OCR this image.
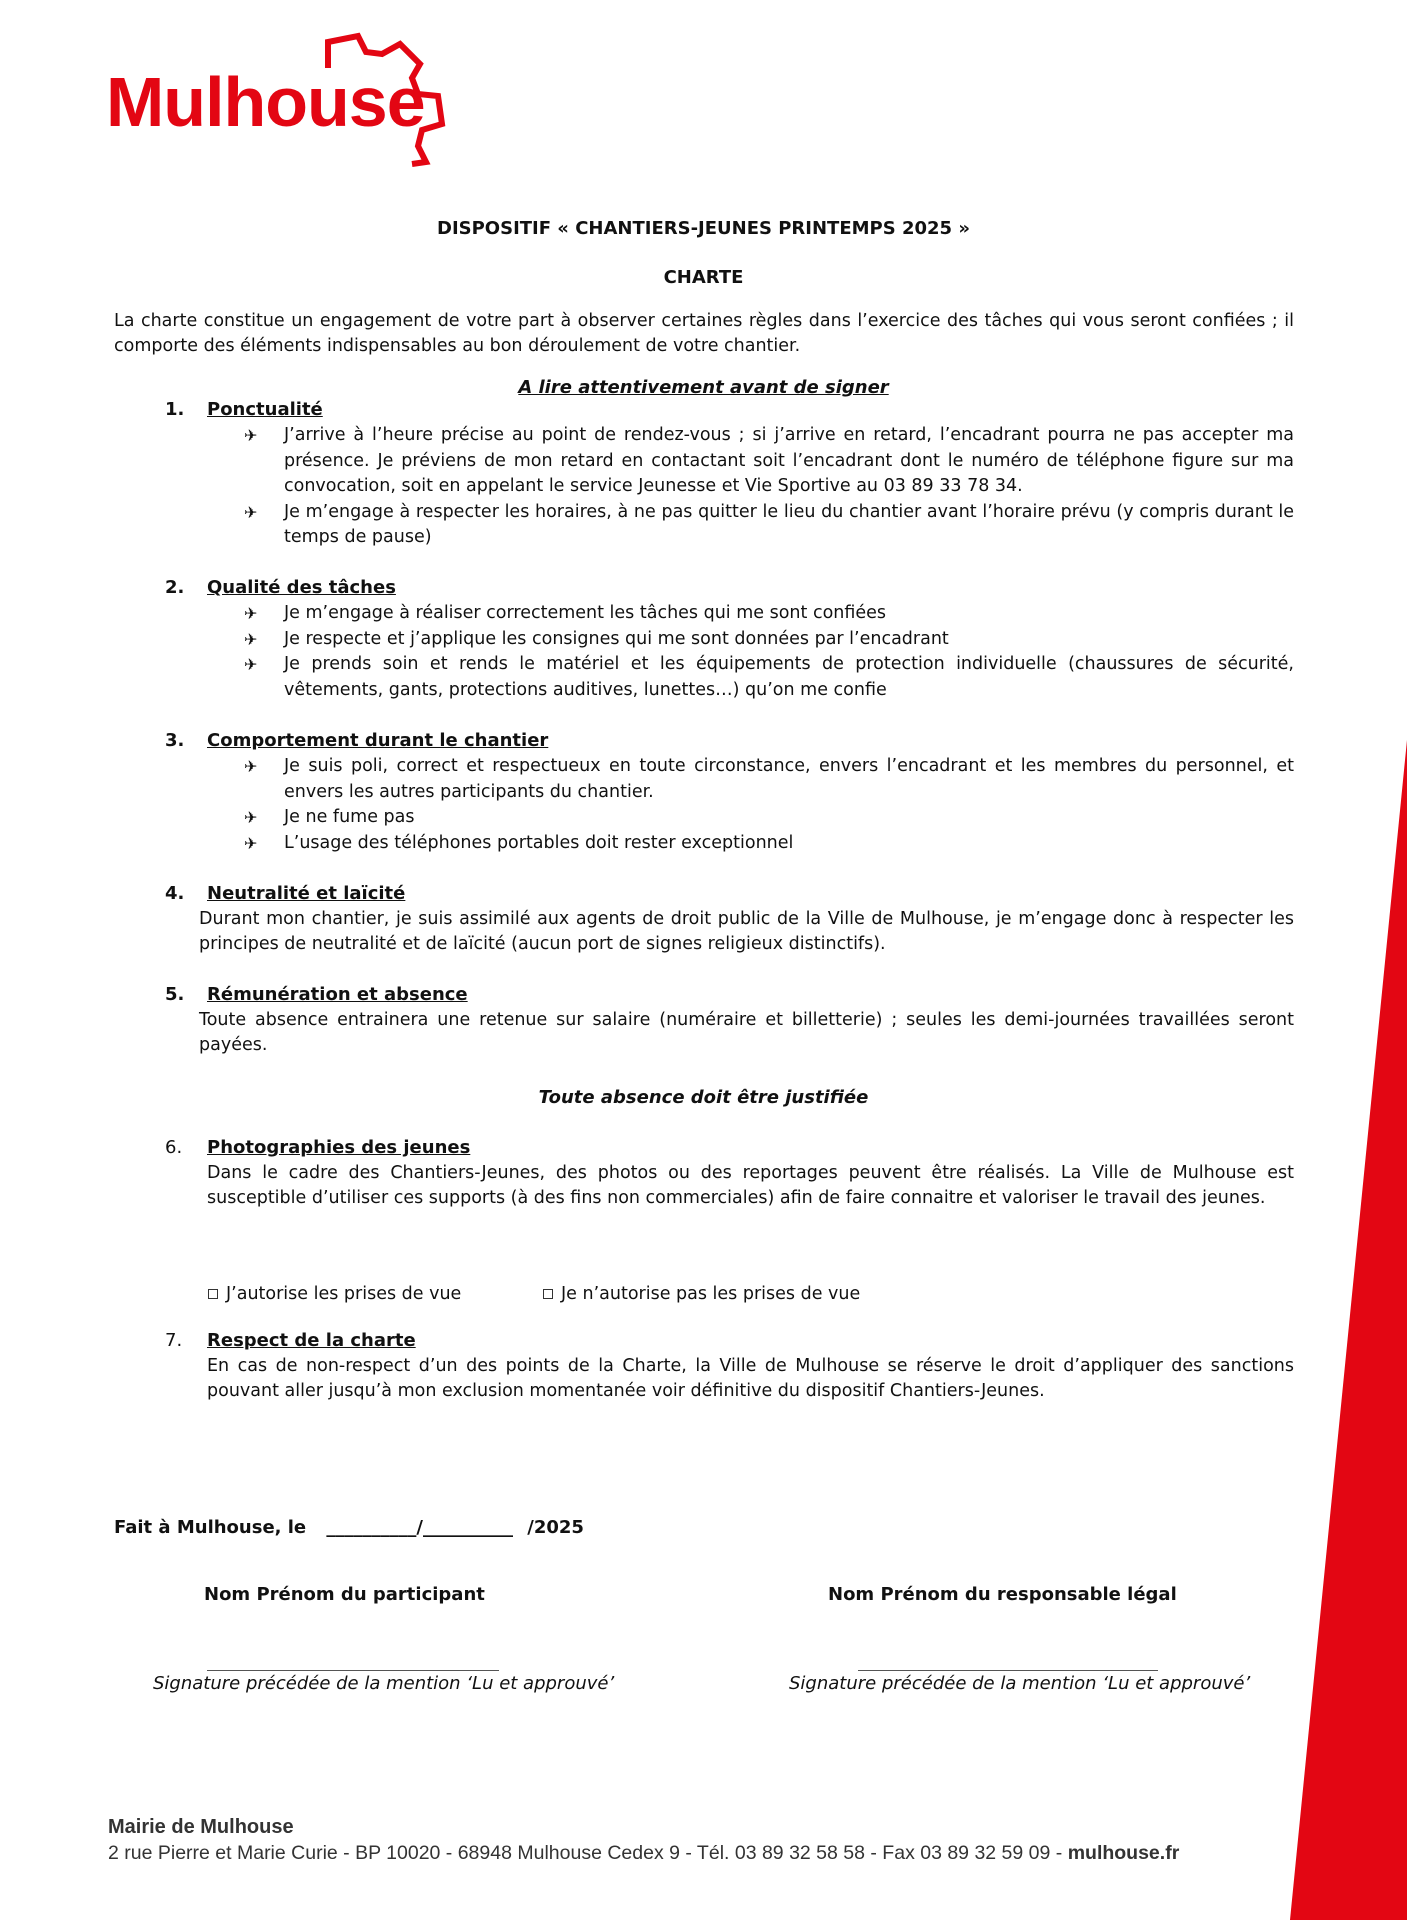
Mulhouse
DISPOSITIF « CHANTIERS-JEUNES PRINTEMPS 2025 »
CHARTE
La charte constitue un engagement de votre part à observer certaines règles dans l’exercice des tâches qui vous seront confiées ; il comporte des éléments indispensables au bon déroulement de votre chantier.
A lire attentivement avant de signer
1. Ponctualité
✈ J’arrive à l’heure précise au point de rendez-vous ; si j’arrive en retard, l’encadrant pourra ne pas accepter ma présence. Je préviens de mon retard en contactant soit l’encadrant dont le numéro de téléphone figure sur ma convocation, soit en appelant le service Jeunesse et Vie Sportive au 03 89 33 78 34.
✈ Je m’engage à respecter les horaires, à ne pas quitter le lieu du chantier avant l’horaire prévu (y compris durant le temps de pause)
2. Qualité des tâches
✈ Je m’engage à réaliser correctement les tâches qui me sont confiées
✈ Je respecte et j’applique les consignes qui me sont données par l’encadrant
✈ Je prends soin et rends le matériel et les équipements de protection individuelle (chaussures de sécurité, vêtements, gants, protections auditives, lunettes…) qu’on me confie
3. Comportement durant le chantier
✈ Je suis poli, correct et respectueux en toute circonstance, envers l’encadrant et les membres du personnel, et envers les autres participants du chantier.
✈ Je ne fume pas
✈ L’usage des téléphones portables doit rester exceptionnel
4. Neutralité et laïcité
Durant mon chantier, je suis assimilé aux agents de droit public de la Ville de Mulhouse, je m’engage donc à respecter les principes de neutralité et de laïcité (aucun port de signes religieux distinctifs).
5. Rémunération et absence
Toute absence entrainera une retenue sur salaire (numéraire et billetterie) ; seules les demi-journées travaillées seront payées.
Toute absence doit être justifiée
6. Photographies des jeunes
Dans le cadre des Chantiers-Jeunes, des photos ou des reportages peuvent être réalisés. La Ville de Mulhouse est susceptible d’utiliser ces supports (à des fins non commerciales) afin de faire connaitre et valoriser le travail des jeunes.
J’autorise les prises de vue	Je n’autorise pas les prises de vue
7. Respect de la charte
En cas de non-respect d’un des points de la Charte, la Ville de Mulhouse se réserve le droit d’appliquer des sanctions pouvant aller jusqu’à mon exclusion momentanée voir définitive du dispositif Chantiers-Jeunes.
Fait à Mulhouse, le __________/__________ /2025
Nom Prénom du participant	Nom Prénom du responsable légal
Signature précédée de la mention ‘Lu et approuvé’	Signature précédée de la mention ‘Lu et approuvé’
Mairie de Mulhouse
2 rue Pierre et Marie Curie - BP 10020 - 68948 Mulhouse Cedex 9 - Tél. 03 89 32 58 58 - Fax 03 89 32 59 09 - mulhouse.fr
